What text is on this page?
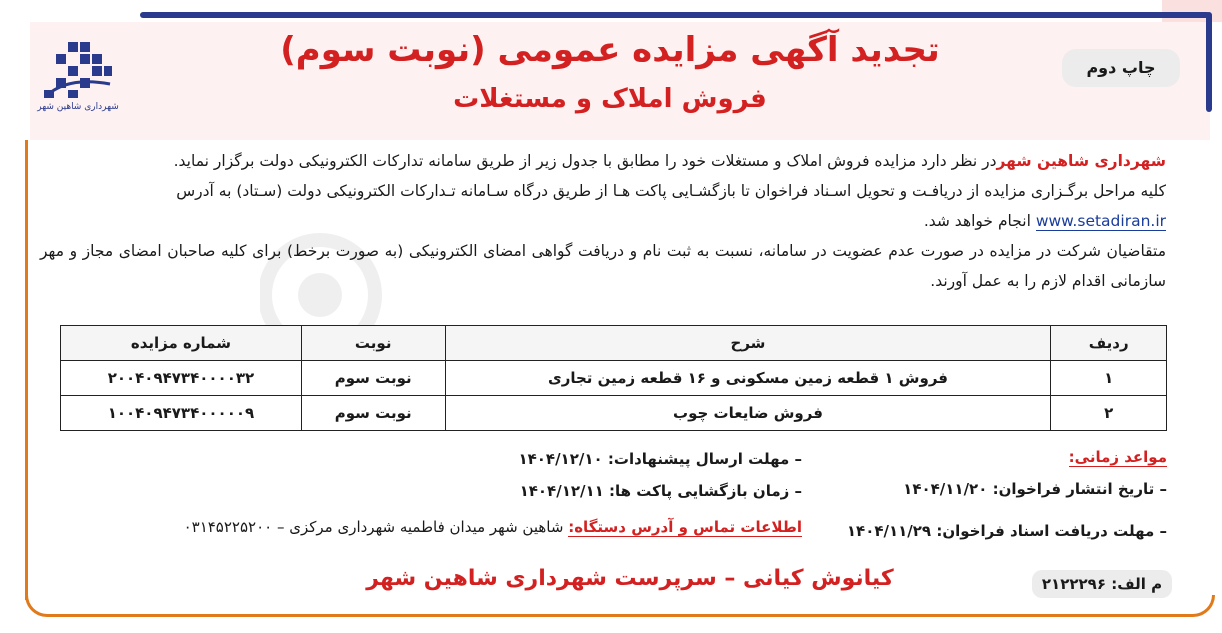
شهرداری شاهین شهر
تجدید آگهی مزایده عمومی (نوبت سوم)
فروش املاک و مستغلات
چاپ دوم

شهرداری شاهین شهردر نظر دارد مزایده فروش املاک و مستغلات خود را مطابق با جدول زیر از طریق سامانه تدارکات الکترونیکی دولت برگزار نماید.

کلیه مراحل برگـزاری مزایده از دریافـت و تحویل اسـناد فراخوان تا بازگشـایی پاکت هـا از طریق درگاه سـامانه تـدارکات الکترونیکی دولت (سـتاد) به آدرس
www.setadiran.ir انجام خواهد شد.

متقاضیان شرکت در مزایده در صورت عدم عضویت در سامانه، نسبت به ثبت نام و دریافت گواهی امضای الکترونیکی (به صورت برخط) برای کلیه صاحبان امضای مجاز و مهر سازمانی اقدام لازم را به عمل آورند.

ردیف	شرح	نوبت	شماره مزایده
۱	فروش ۱ قطعه زمین مسکونی و ۱۶ قطعه زمین تجاری	نوبت سوم	۲۰۰۴۰۹۴۷۳۴۰۰۰۰۳۲
۲	فروش ضایعات چوب	نوبت سوم	۱۰۰۴۰۹۴۷۳۴۰۰۰۰۰۹
مواعد زمانی:
– تاریخ انتشار فراخوان: ۱۴۰۴/۱۱/۲۰
– مهلت دریافت اسناد فراخوان: ۱۴۰۴/۱۱/۲۹
– مهلت ارسال پیشنهادات: ۱۴۰۴/۱۲/۱۰
– زمان بازگشایی پاکت ها: ۱۴۰۴/۱۲/۱۱
اطلاعات تماس و آدرس دستگاه: شاهین شهر میدان فاطمیه شهرداری مرکزی – ۰۳۱۴۵۲۲۵۲۰۰
کیانوش کیانی – سرپرست شهرداری شاهین شهر	م الف: ۲۱۲۲۲۹۶
